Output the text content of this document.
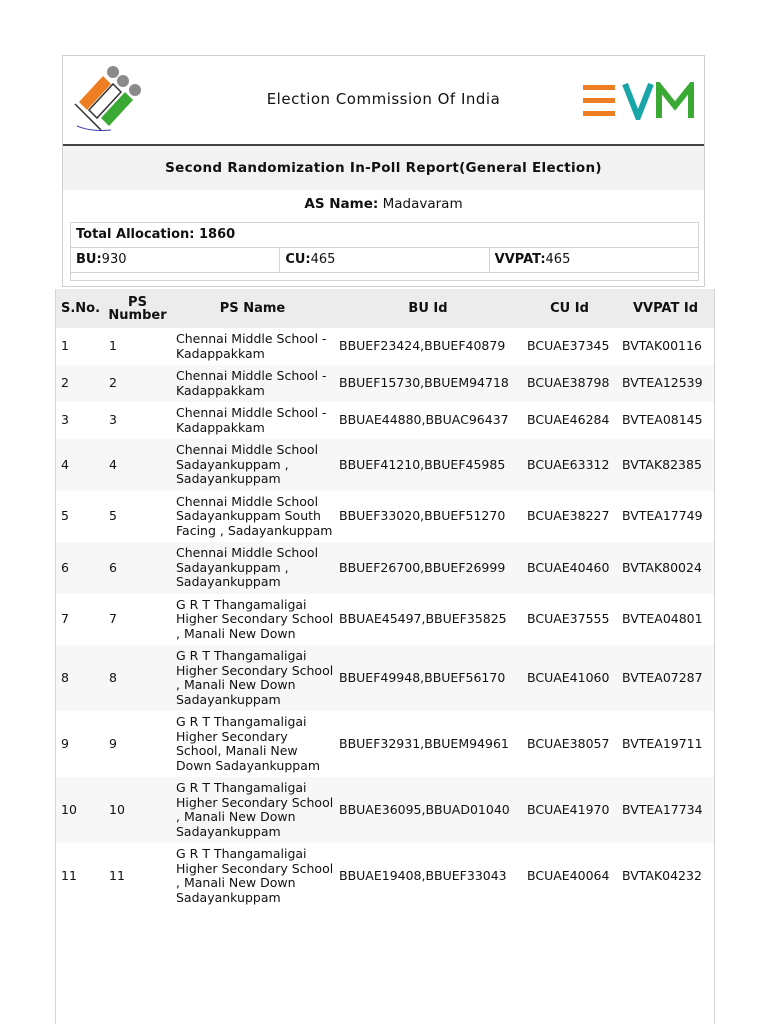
Election Commission Of India
Second Randomization In-Poll Report(General Election)
AS Name: Madavaram
Total Allocation: 1860
BU:930	CU:465	VVPAT:465
S.No.	PS Number	PS Name	BU Id	CU Id	VVPAT Id
1	1	Chennai Middle School - Kadappakkam	BBUEF23424,BBUEF40879	BCUAE37345	BVTAK00116
2	2	Chennai Middle School - Kadappakkam	BBUEF15730,BBUEM94718	BCUAE38798	BVTEA12539
3	3	Chennai Middle School - Kadappakkam	BBUAE44880,BBUAC96437	BCUAE46284	BVTEA08145
4	4	Chennai Middle School Sadayankuppam , Sadayankuppam	BBUEF41210,BBUEF45985	BCUAE63312	BVTAK82385
5	5	Chennai Middle School Sadayankuppam South Facing , Sadayankuppam	BBUEF33020,BBUEF51270	BCUAE38227	BVTEA17749
6	6	Chennai Middle School Sadayankuppam , Sadayankuppam	BBUEF26700,BBUEF26999	BCUAE40460	BVTAK80024
7	7	G R T Thangamaligai Higher Secondary School , Manali New Down	BBUAE45497,BBUEF35825	BCUAE37555	BVTEA04801
8	8	G R T Thangamaligai Higher Secondary School , Manali New Down Sadayankuppam	BBUEF49948,BBUEF56170	BCUAE41060	BVTEA07287
9	9	G R T Thangamaligai Higher Secondary School, Manali New Down Sadayankuppam	BBUEF32931,BBUEM94961	BCUAE38057	BVTEA19711
10	10	G R T Thangamaligai Higher Secondary School , Manali New Down Sadayankuppam	BBUAE36095,BBUAD01040	BCUAE41970	BVTEA17734
11	11	G R T Thangamaligai Higher Secondary School , Manali New Down Sadayankuppam	BBUAE19408,BBUEF33043	BCUAE40064	BVTAK04232
